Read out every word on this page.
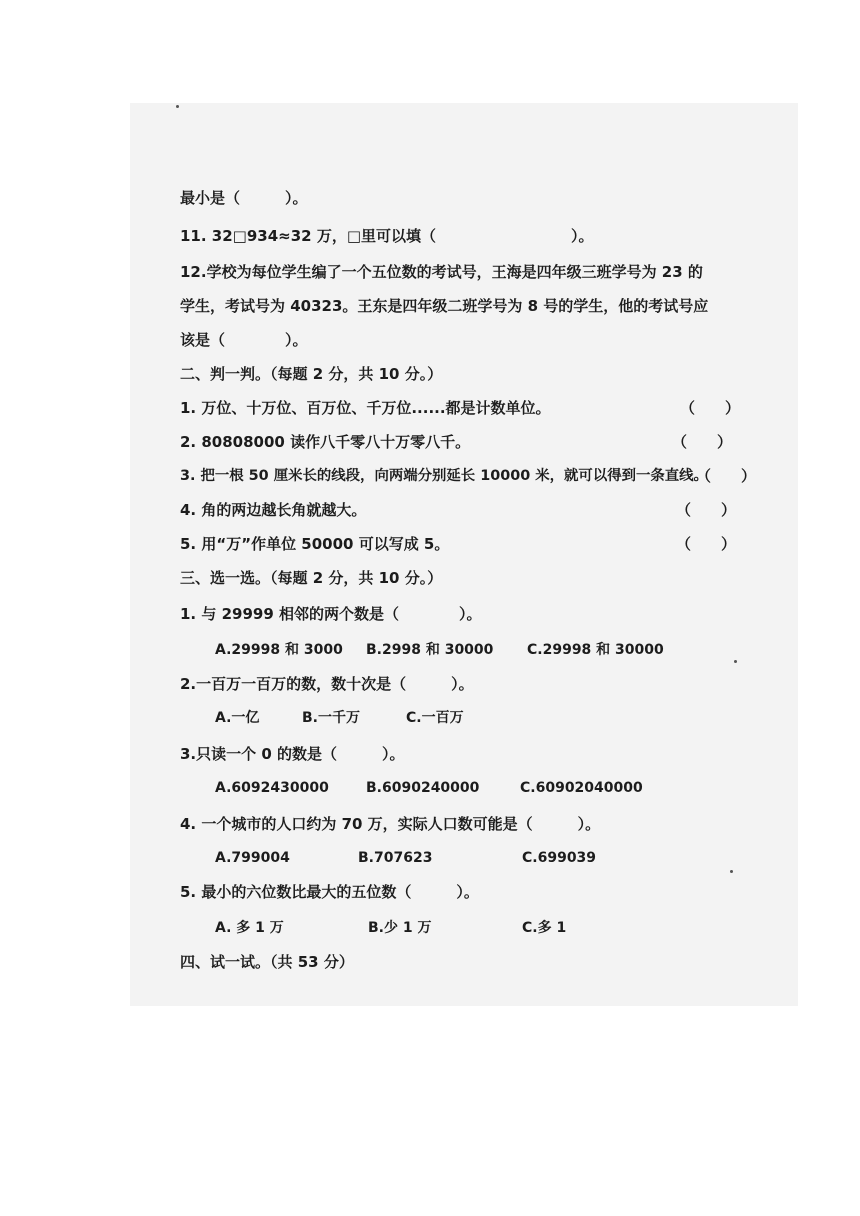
最小是（　　　）。
11. 32□934≈32 万，□里可以填（　　　　　　　　　）。
12.学校为每位学生编了一个五位数的考试号，王海是四年级三班学号为 23 的
学生，考试号为 40323。王东是四年级二班学号为 8 号的学生，他的考试号应
该是（　　　　）。
二、判一判。（每题 2 分，共 10 分。）
1. 万位、十万位、百万位、千万位......都是计数单位。	（　　）
2. 80808000 读作八千零八十万零八千。	（　　）
3. 把一根 50 厘米长的线段，向两端分别延长 10000 米，就可以得到一条直线。
（　　）
4. 角的两边越长角就越大。	（　　）
5. 用“万”作单位 50000 可以写成 5。	（　　）
三、选一选。（每题 2 分，共 10 分。）
1. 与 29999 相邻的两个数是（　　　　）。
A.29998 和 3000 B.2998 和 30000 C.29998 和 30000
2.一百万一百万的数，数十次是（　　　）。
A.一亿	B.一千万	C.一百万
3.只读一个 0 的数是（　　　）。
A.6092430000	B.6090240000	C.60902040000
4. 一个城市的人口约为 70 万，实际人口数可能是（　　　）。
A.799004	B.707623	C.699039
5. 最小的六位数比最大的五位数（　　　）。
A. 多 1 万	B.少 1 万	C.多 1
四、试一试。（共 53 分）
